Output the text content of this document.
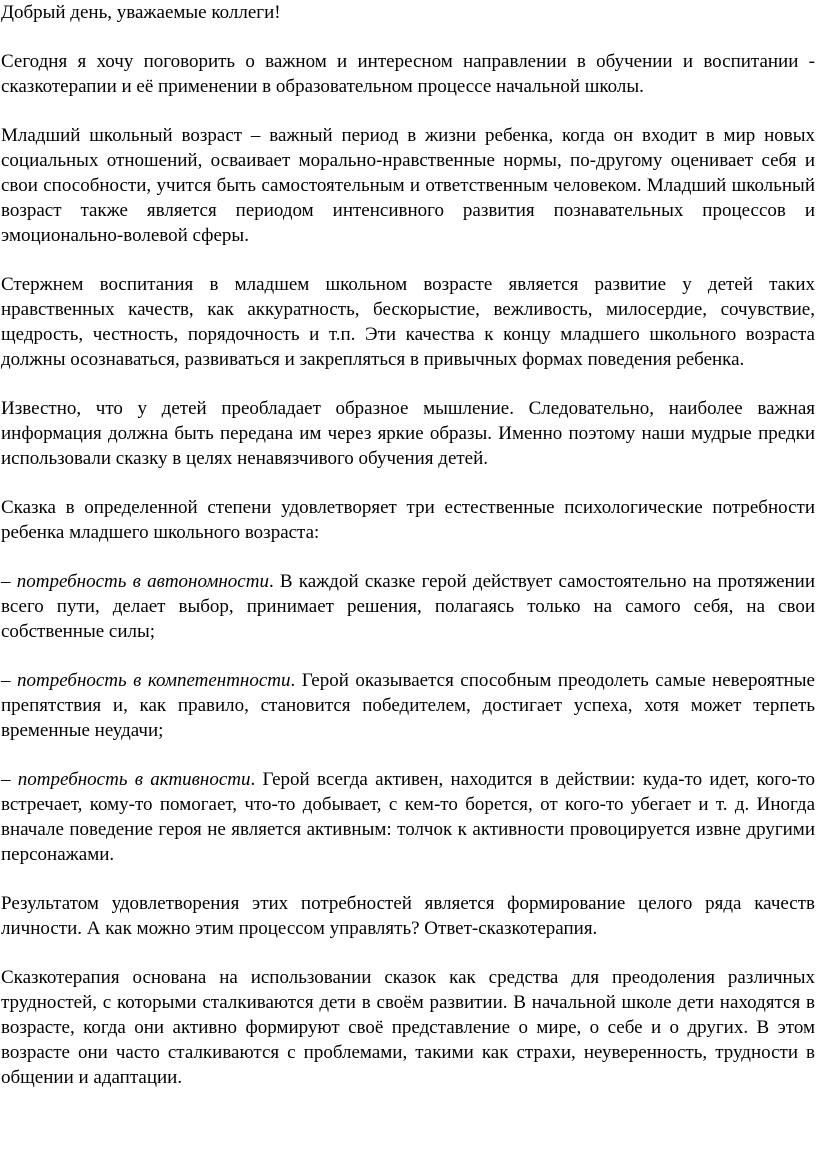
Добрый день, уважаемые коллеги!

Сегодня я хочу поговорить о важном и интересном направлении в обучении и воспитании - сказкотерапии и её применении в образовательном процессе начальной школы.

Младший школьный возраст – важный период в жизни ребенка, когда он входит в мир новых социальных отношений, осваивает морально-нравственные нормы, по-другому оценивает себя и свои способности, учится быть самостоятельным и ответственным человеком. Младший школьный возраст также является периодом интенсивного развития познавательных процессов и эмоционально-волевой сферы.

Стержнем воспитания в младшем школьном возрасте является развитие у детей таких нравственных качеств, как аккуратность, бескорыстие, вежливость, милосердие, сочувствие, щедрость, честность, порядочность и т.п. Эти качества к концу младшего школьного возраста должны осознаваться, развиваться и закрепляться в привычных формах поведения ребенка.

Известно, что у детей преобладает образное мышление. Следовательно, наиболее важная информация должна быть передана им через яркие образы. Именно поэтому наши мудрые предки использовали сказку в целях ненавязчивого обучения детей.

Сказка в определенной степени удовлетворяет три естественные психологические потребности ребенка младшего школьного возраста:

– потребность в автономности. В каждой сказке герой действует самостоятельно на протяжении всего пути, делает выбор, принимает решения, полагаясь только на самого себя, на свои собственные силы;

– потребность в компетентности. Герой оказывается способным преодолеть самые невероятные препятствия и, как правило, становится победителем, достигает успеха, хотя может терпеть временные неудачи;

– потребность в активности. Герой всегда активен, находится в действии: куда-то идет, кого-то встречает, кому-то помогает, что-то добывает, с кем-то борется, от кого-то убегает и т. д. Иногда вначале поведение героя не является активным: толчок к активности провоцируется извне другими персонажами.

Результатом удовлетворения этих потребностей является формирование целого ряда качеств личности. А как можно этим процессом управлять? Ответ-сказкотерапия.

Сказкотерапия основана на использовании сказок как средства для преодоления различных трудностей, с которыми сталкиваются дети в своём развитии. В начальной школе дети находятся в возрасте, когда они активно формируют своё представление о мире, о себе и о других. В этом возрасте они часто сталкиваются с проблемами, такими как страхи, неуверенность, трудности в общении и адаптации.
